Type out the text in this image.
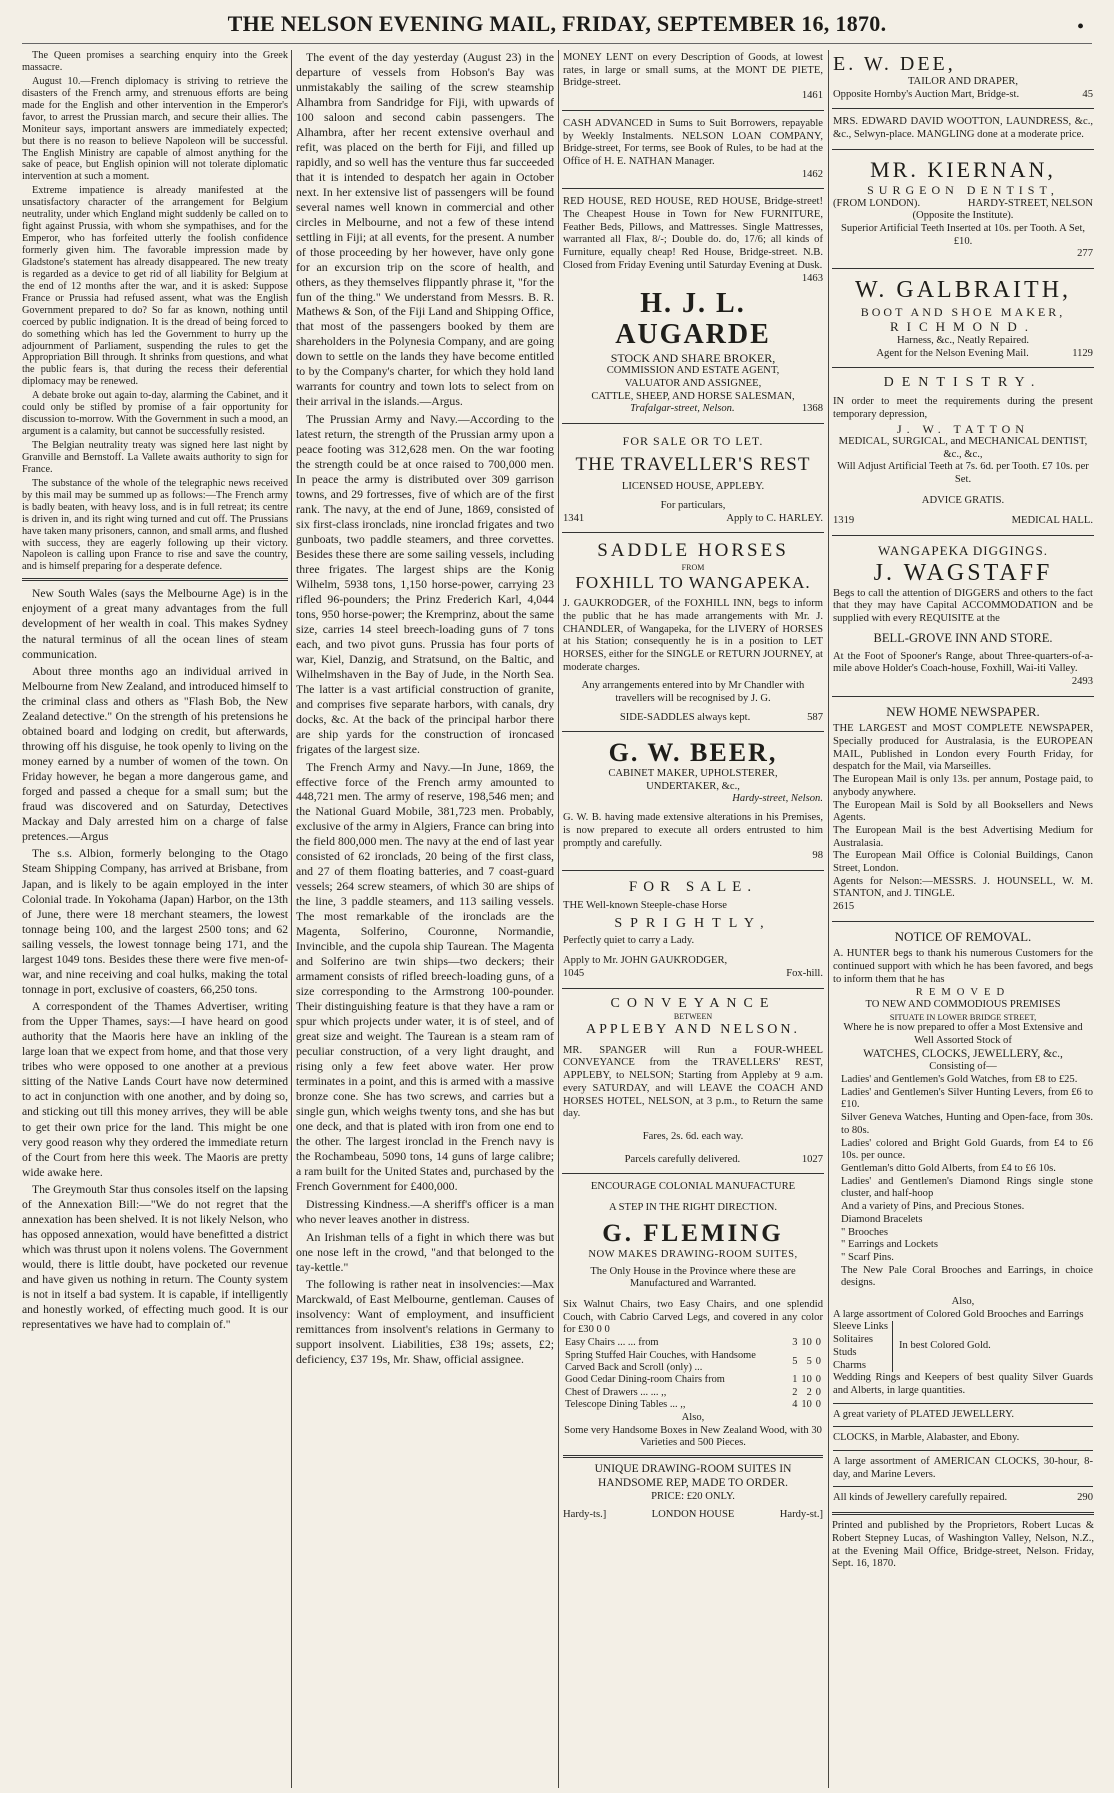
THE NELSON EVENING MAIL, FRIDAY, SEPTEMBER 16, 1870.	•

The Queen promises a searching enquiry into the Greek massacre.

August 10.—French diplomacy is striving to retrieve the disasters of the French army, and strenuous efforts are being made for the English and other intervention in the Emperor's favor, to arrest the Prussian march, and secure their allies. The Moniteur says, important answers are immediately expected; but there is no reason to believe Napoleon will be successful. The English Ministry are capable of almost anything for the sake of peace, but English opinion will not tolerate diplomatic intervention at such a moment.

Extreme impatience is already manifested at the unsatisfactory character of the arrangement for Belgium neutrality, under which England might suddenly be called on to fight against Prussia, with whom she sympathises, and for the Emperor, who has forfeited utterly the foolish confidence formerly given him. The favorable impression made by Gladstone's statement has already disappeared. The new treaty is regarded as a device to get rid of all liability for Belgium at the end of 12 months after the war, and it is asked: Suppose France or Prussia had refused assent, what was the English Government prepared to do? So far as known, nothing until coerced by public indignation. It is the dread of being forced to do something which has led the Government to hurry up the adjournment of Parliament, suspending the rules to get the Appropriation Bill through. It shrinks from questions, and what the public fears is, that during the recess their deferential diplomacy may be renewed.

A debate broke out again to-day, alarming the Cabinet, and it could only be stifled by promise of a fair opportunity for discussion to-morrow. With the Government in such a mood, an argument is a calamity, but cannot be successfully resisted.

The Belgian neutrality treaty was signed here last night by Granville and Bernstoff. La Vallete awaits authority to sign for France.

The substance of the whole of the telegraphic news received by this mail may be summed up as follows:—The French army is badly beaten, with heavy loss, and is in full retreat; its centre is driven in, and its right wing turned and cut off. The Prussians have taken many prisoners, cannon, and small arms, and flushed with success, they are eagerly following up their victory. Napoleon is calling upon France to rise and save the country, and is himself preparing for a desperate defence.

New South Wales (says the Melbourne Age) is in the enjoyment of a great many advantages from the full development of her wealth in coal. This makes Sydney the natural terminus of all the ocean lines of steam communication.

About three months ago an individual arrived in Melbourne from New Zealand, and introduced himself to the criminal class and others as "Flash Bob, the New Zealand detective." On the strength of his pretensions he obtained board and lodging on credit, but afterwards, throwing off his disguise, he took openly to living on the money earned by a number of women of the town. On Friday however, he began a more dangerous game, and forged and passed a cheque for a small sum; but the fraud was discovered and on Saturday, Detectives Mackay and Daly arrested him on a charge of false pretences.—Argus

The s.s. Albion, formerly belonging to the Otago Steam Shipping Company, has arrived at Brisbane, from Japan, and is likely to be again employed in the inter Colonial trade. In Yokohama (Japan) Harbor, on the 13th of June, there were 18 merchant steamers, the lowest tonnage being 100, and the largest 2500 tons; and 62 sailing vessels, the lowest tonnage being 171, and the largest 1049 tons. Besides these there were five men-of-war, and nine receiving and coal hulks, making the total tonnage in port, exclusive of coasters, 66,250 tons.

A correspondent of the Thames Advertiser, writing from the Upper Thames, says:—I have heard on good authority that the Maoris here have an inkling of the large loan that we expect from home, and that those very tribes who were opposed to one another at a previous sitting of the Native Lands Court have now determined to act in conjunction with one another, and by doing so, and sticking out till this money arrives, they will be able to get their own price for the land. This might be one very good reason why they ordered the immediate return of the Court from here this week. The Maoris are pretty wide awake here.

The Greymouth Star thus consoles itself on the lapsing of the Annexation Bill:—"We do not regret that the annexation has been shelved. It is not likely Nelson, who has opposed annexation, would have benefitted a district which was thrust upon it nolens volens. The Government would, there is little doubt, have pocketed our revenue and have given us nothing in return. The County system is not in itself a bad system. It is capable, if intelligently and honestly worked, of effecting much good. It is our representatives we have had to complain of."

The event of the day yesterday (August 23) in the departure of vessels from Hobson's Bay was unmistakably the sailing of the screw steamship Alhambra from Sandridge for Fiji, with upwards of 100 saloon and second cabin passengers. The Alhambra, after her recent extensive overhaul and refit, was placed on the berth for Fiji, and filled up rapidly, and so well has the venture thus far succeeded that it is intended to despatch her again in October next. In her extensive list of passengers will be found several names well known in commercial and other circles in Melbourne, and not a few of these intend settling in Fiji; at all events, for the present. A number of those proceeding by her however, have only gone for an excursion trip on the score of health, and others, as they themselves flippantly phrase it, "for the fun of the thing." We understand from Messrs. B. R. Mathews & Son, of the Fiji Land and Shipping Office, that most of the passengers booked by them are shareholders in the Polynesia Company, and are going down to settle on the lands they have become entitled to by the Company's charter, for which they hold land warrants for country and town lots to select from on their arrival in the islands.—Argus.

The Prussian Army and Navy.—According to the latest return, the strength of the Prussian army upon a peace footing was 312,628 men. On the war footing the strength could be at once raised to 700,000 men. In peace the army is distributed over 309 garrison towns, and 29 fortresses, five of which are of the first rank. The navy, at the end of June, 1869, consisted of six first-class ironclads, nine ironclad frigates and two gunboats, two paddle steamers, and three corvettes. Besides these there are some sailing vessels, including three frigates. The largest ships are the Konig Wilhelm, 5938 tons, 1,150 horse-power, carrying 23 rifled 96-pounders; the Prinz Frederich Karl, 4,044 tons, 950 horse-power; the Kremprinz, about the same size, carries 14 steel breech-loading guns of 7 tons each, and two pivot guns. Prussia has four ports of war, Kiel, Danzig, and Stratsund, on the Baltic, and Wilhelmshaven in the Bay of Jude, in the North Sea. The latter is a vast artificial construction of granite, and comprises five separate harbors, with canals, dry docks, &c. At the back of the principal harbor there are ship yards for the construction of ironcased frigates of the largest size.

The French Army and Navy.—In June, 1869, the effective force of the French army amounted to 448,721 men. The army of reserve, 198,546 men; and the National Guard Mobile, 381,723 men. Probably, exclusive of the army in Algiers, France can bring into the field 800,000 men. The navy at the end of last year consisted of 62 ironclads, 20 being of the first class, and 27 of them floating batteries, and 7 coast-guard vessels; 264 screw steamers, of which 30 are ships of the line, 3 paddle steamers, and 113 sailing vessels. The most remarkable of the ironclads are the Magenta, Solferino, Couronne, Normandie, Invincible, and the cupola ship Taurean. The Magenta and Solferino are twin ships—two deckers; their armament consists of rifled breech-loading guns, of a size corresponding to the Armstrong 100-pounder. Their distinguishing feature is that they have a ram or spur which projects under water, it is of steel, and of great size and weight. The Taurean is a steam ram of peculiar construction, of a very light draught, and rising only a few feet above water. Her prow terminates in a point, and this is armed with a massive bronze cone. She has two screws, and carries but a single gun, which weighs twenty tons, and she has but one deck, and that is plated with iron from one end to the other. The largest ironclad in the French navy is the Rochambeau, 5090 tons, 14 guns of large calibre; a ram built for the United States and, purchased by the French Government for £400,000.

Distressing Kindness.—A sheriff's officer is a man who never leaves another in distress.

An Irishman tells of a fight in which there was but one nose left in the crowd, "and that belonged to the tay-kettle."

The following is rather neat in insolvencies:—Max Marckwald, of East Melbourne, gentleman. Causes of insolvency: Want of employment, and insufficient remittances from insolvent's relations in Germany to support insolvent. Liabilities, £38 19s; assets, £2; deficiency, £37 19s, Mr. Shaw, official assignee.

MONEY LENT on every Description of Goods, at lowest rates, in large or small sums, at the MONT DE PIETE, Bridge-street.

1461

CASH ADVANCED in Sums to Suit Borrowers, repayable by Weekly Instalments. NELSON LOAN COMPANY, Bridge-street, For terms, see Book of Rules, to be had at the Office of H. E. NATHAN Manager.

1462

RED HOUSE, RED HOUSE, RED HOUSE, Bridge-street! The Cheapest House in Town for New FURNITURE, Feather Beds, Pillows, and Mattresses. Single Mattresses, warranted all Flax, 8/-; Double do. do, 17/6; all kinds of Furniture, equally cheap! Red House, Bridge-street. N.B. Closed from Friday Evening until Saturday Evening at Dusk.

1463

H. J. L. AUGARDE

STOCK AND SHARE BROKER,

COMMISSION AND ESTATE AGENT,

VALUATOR AND ASSIGNEE,

CATTLE, SHEEP, AND HORSE SALESMAN,

Trafalgar-street, Nelson.	1368

FOR SALE OR TO LET.

THE TRAVELLER'S REST

LICENSED HOUSE, APPLEBY.

For particulars,

1341	Apply to C. HARLEY.

SADDLE HORSES

FROM

FOXHILL TO WANGAPEKA.

J. GAUKRODGER, of the FOXHILL INN, begs to inform the public that he has made arrangements with Mr. J. CHANDLER, of Wangapeka, for the LIVERY of HORSES at his Station; consequently he is in a position to LET HORSES, either for the SINGLE or RETURN JOURNEY, at moderate charges.

Any arrangements entered into by Mr Chandler with travellers will be recognised by J. G.

SIDE-SADDLES always kept.	587

G. W. BEER,

CABINET MAKER, UPHOLSTERER,

UNDERTAKER, &c.,

Hardy-street, Nelson.

G. W. B. having made extensive alterations in his Premises, is now prepared to execute all orders entrusted to him promptly and carefully.

98

FOR SALE.

THE Well-known Steeple-chase Horse

SPRIGHTLY,

Perfectly quiet to carry a Lady.

Apply to Mr. JOHN GAUKRODGER,

1045	Fox-hill.

CONVEYANCE

BETWEEN

APPLEBY AND NELSON.

MR. SPANGER will Run a FOUR-WHEEL CONVEYANCE from the TRAVELLERS' REST, APPLEBY, to NELSON; Starting from Appleby at 9 a.m. every SATURDAY, and will LEAVE the COACH AND HORSES HOTEL, NELSON, at 3 p.m., to Return the same day.

Fares, 2s. 6d. each way.

Parcels carefully delivered.	1027

ENCOURAGE COLONIAL MANUFACTURE

A STEP IN THE RIGHT DIRECTION.

G. FLEMING

NOW MAKES DRAWING-ROOM SUITES,

The Only House in the Province where these are Manufactured and Warranted.

Six Walnut Chairs, two Easy Chairs, and one splendid Couch, with Cabrio Carved Legs, and covered in any color for £30 0 0

Easy Chairs ... ... from	3	10	0
Spring Stuffed Hair Couches, with Handsome Carved Back and Scroll (only) ...	5	5	0
Good Cedar Dining-room Chairs from	1	10	0
Chest of Drawers ... ... ,,	2	2	0
Telescope Dining Tables ... ,,	4	10	0

Also,

Some very Handsome Boxes in New Zealand Wood, with 30 Varieties and 500 Pieces.

UNIQUE DRAWING-ROOM SUITES IN HANDSOME REP, MADE TO ORDER.

PRICE: £20 ONLY.

Hardy-ts.]	LONDON HOUSE	Hardy-st.]

E. W. DEE,

TAILOR AND DRAPER,

Opposite Hornby's Auction Mart, Bridge-st.	45

MRS. EDWARD DAVID WOOTTON, LAUNDRESS, &c., &c., Selwyn-place. MANGLING done at a moderate price.

MR. KIERNAN,

SURGEON DENTIST,

(FROM LONDON).	HARDY-STREET, NELSON

(Opposite the Institute).

Superior Artificial Teeth Inserted at 10s. per Tooth. A Set, £10.

277

W. GALBRAITH,

BOOT AND SHOE MAKER,

RICHMOND.

Harness, &c., Neatly Repaired.

Agent for the Nelson Evening Mail.	1129

DENTISTRY.

IN order to meet the requirements during the present temporary depression,

J. W. TATTON

MEDICAL, SURGICAL, and MECHANICAL DENTIST, &c., &c.,

Will Adjust Artificial Teeth at 7s. 6d. per Tooth. £7 10s. per Set.

ADVICE GRATIS.

1319	MEDICAL HALL.

WANGAPEKA DIGGINGS.

J. WAGSTAFF

Begs to call the attention of DIGGERS and others to the fact that they may have Capital ACCOMMODATION and be supplied with every REQUISITE at the

BELL-GROVE INN AND STORE.

At the Foot of Spooner's Range, about Three-quarters-of-a-mile above Holder's Coach-house, Foxhill, Wai-iti Valley.

2493

NEW HOME NEWSPAPER.

THE LARGEST and MOST COMPLETE NEWSPAPER, Specially produced for Australasia, is the EUROPEAN MAIL, Published in London every Fourth Friday, for despatch for the Mail, via Marseilles.

The European Mail is only 13s. per annum, Postage paid, to anybody anywhere.

The European Mail is Sold by all Booksellers and News Agents.

The European Mail is the best Advertising Medium for Australasia.

The European Mail Office is Colonial Buildings, Canon Street, London.

Agents for Nelson:—MESSRS. J. HOUNSELL, W. M. STANTON, and J. TINGLE.

2615

NOTICE OF REMOVAL.

A. HUNTER begs to thank his numerous Customers for the continued support with which he has been favored, and begs to inform them that he has

REMOVED

TO NEW AND COMMODIOUS PREMISES

SITUATE IN LOWER BRIDGE STREET,

Where he is now prepared to offer a Most Extensive and Well Assorted Stock of

WATCHES, CLOCKS, JEWELLERY, &c.,

Consisting of—

Ladies' and Gentlemen's Gold Watches, from £8 to £25.

Ladies' and Gentlemen's Silver Hunting Levers, from £6 to £10.

Silver Geneva Watches, Hunting and Open-face, from 30s. to 80s.

Ladies' colored and Bright Gold Guards, from £4 to £6 10s. per ounce.

Gentleman's ditto Gold Alberts, from £4 to £6 10s.

Ladies' and Gentlemen's Diamond Rings single stone cluster, and half-hoop

And a variety of Pins, and Precious Stones.

Diamond Bracelets

" Brooches

" Earrings and Lockets

" Scarf Pins.

The New Pale Coral Brooches and Earrings, in choice designs.

Also,

A large assortment of Colored Gold Brooches and Earrings

Sleeve Links

Solitaires

Studs

Charms

In best Colored Gold.

Wedding Rings and Keepers of best quality Silver Guards and Alberts, in large quantities.

A great variety of PLATED JEWELLERY.

CLOCKS, in Marble, Alabaster, and Ebony.

A large assortment of AMERICAN CLOCKS, 30-hour, 8-day, and Marine Levers.

All kinds of Jewellery carefully repaired.	290

Printed and published by the Proprietors, Robert Lucas & Robert Stepney Lucas, of Washington Valley, Nelson, N.Z., at the Evening Mail Office, Bridge-street, Nelson. Friday, Sept. 16, 1870.
